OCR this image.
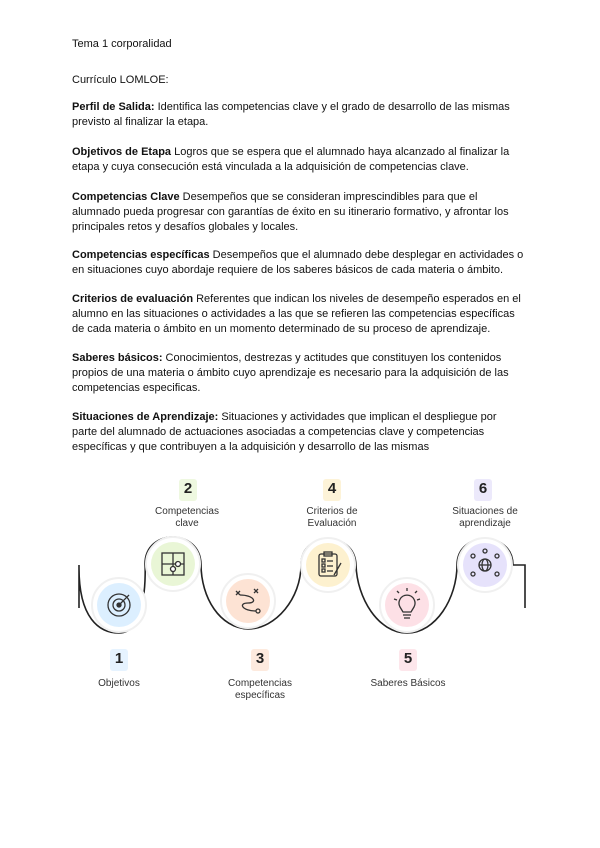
Tema 1 corporalidad
Currículo LOMLOE:
Perfil de Salida: Identifica las competencias clave y el grado de desarrollo de las mismas
previsto al finalizar la etapa.
Objetivos de Etapa Logros que se espera que el alumnado haya alcanzado al finalizar la
etapa y cuya consecución está vinculada a la adquisición de competencias clave.
Competencias Clave Desempeños que se consideran imprescindibles para que el
alumnado pueda progresar con garantías de éxito en su itinerario formativo, y afrontar los
principales retos y desafíos globales y locales.
Competencias específicas Desempeños que el alumnado debe desplegar en actividades o
en situaciones cuyo abordaje requiere de los saberes básicos de cada materia o ámbito.
Criterios de evaluación Referentes que indican los niveles de desempeño esperados en el
alumno en las situaciones o actividades a las que se refieren las competencias específicas
de cada materia o ámbito en un momento determinado de su proceso de aprendizaje.
Saberes básicos: Conocimientos, destrezas y actitudes que constituyen los contenidos
propios de una materia o ámbito cuyo aprendizaje es necesario para la adquisición de las
competencias especificas.
Situaciones de Aprendizaje: Situaciones y actividades que implican el despliegue por
parte del alumnado de actuaciones asociadas a competencias clave y competencias
específicas y que contribuyen a la adquisición y desarrollo de las mismas
1
Objetivos
2
Competencias
clave
3
Competencias
específicas
4
Criterios de
Evaluación
5
Saberes Básicos
6
Situaciones de
aprendizaje
